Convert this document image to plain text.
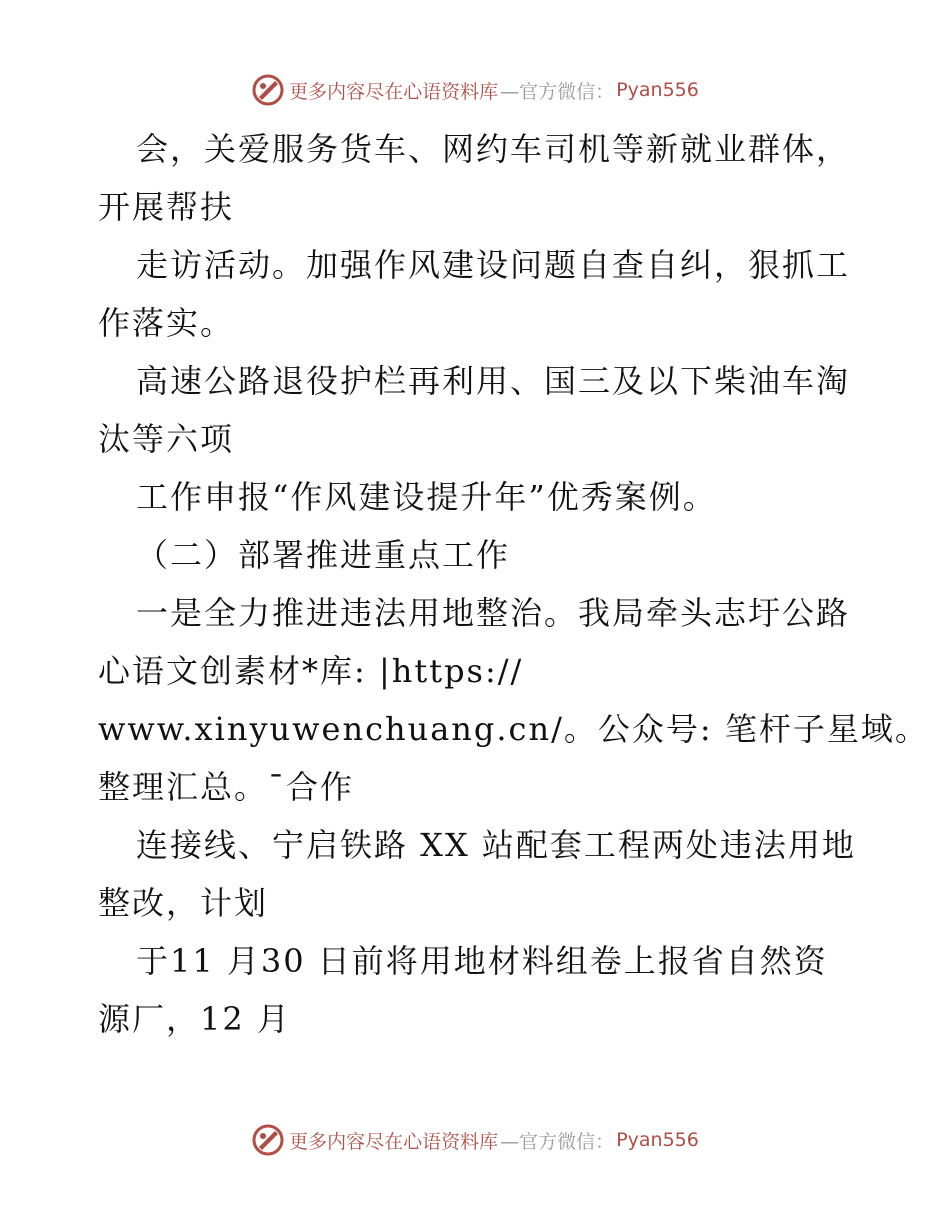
更多内容尽在心语资料库 —官方微信： Pyan556
会，关爱服务货车、网约车司机等新就业群体，
开展帮扶
走访活动。加强作风建设问题自查自纠，狠抓工
作落实。
高速公路退役护栏再利用、国三及以下柴油车淘
汰等六项
工作申报“作风建设提升年”优秀案例。
（二）部署推进重点工作
一是全力推进违法用地整治。我局牵头志圩公路
心语文创素材*库: |https://
www.xinyuwenchuang.cn/。公众号: 笔杆子星域。
整理汇总。¯合作
连接线、宁启铁路 XX 站配套工程两处违法用地
整改，计划
于11 月30 日前将用地材料组卷上报省自然资
源厂，12 月
更多内容尽在心语资料库 —官方微信： Pyan556
